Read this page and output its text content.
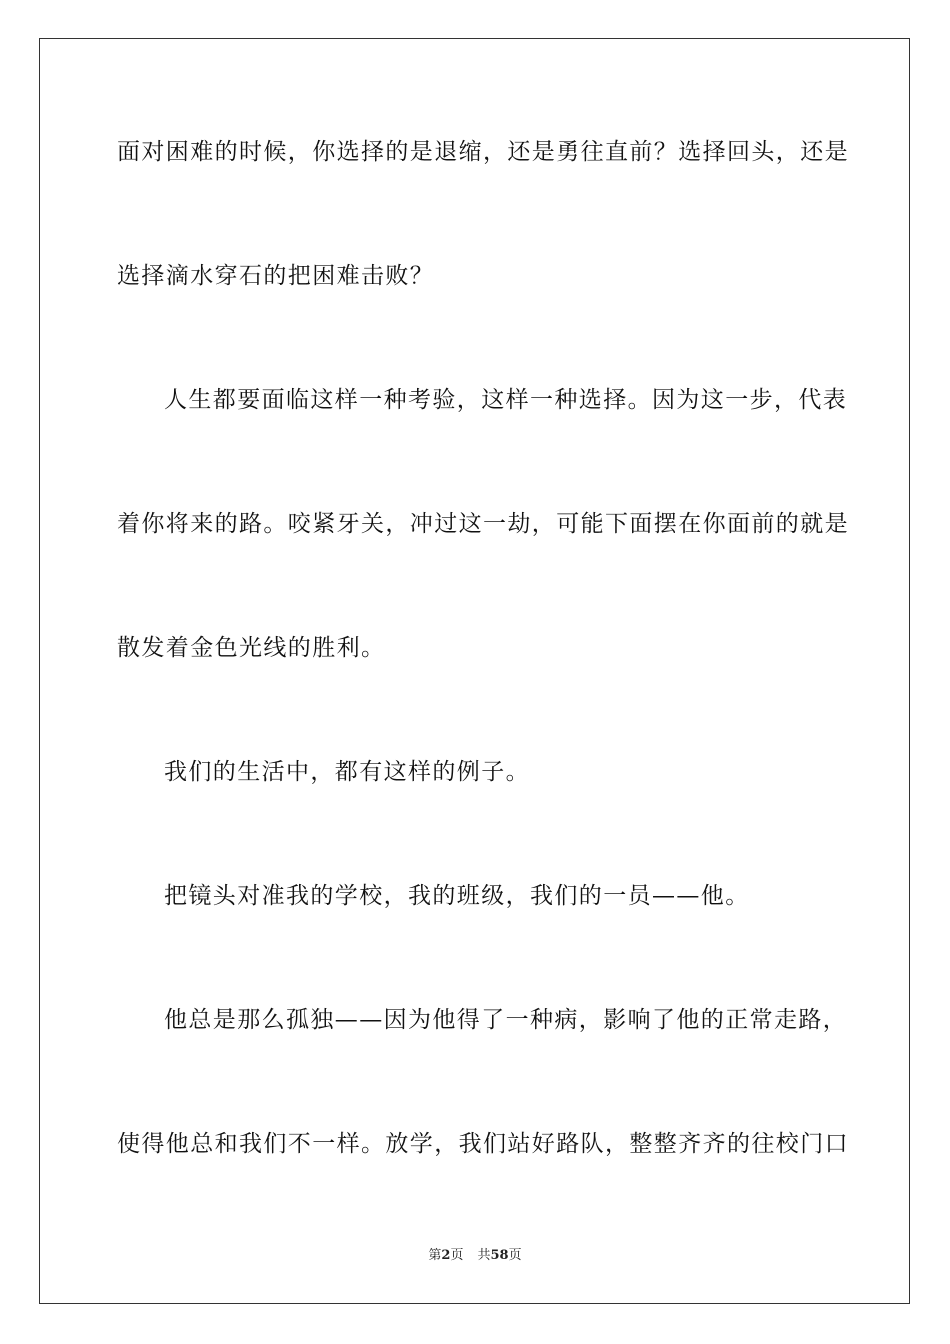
面对困难的时候，你选择的是退缩，还是勇往直前？选择回头，还是
选择滴水穿石的把困难击败？
人生都要面临这样一种考验，这样一种选择。因为这一步，代表
着你将来的路。咬紧牙关，冲过这一劫，可能下面摆在你面前的就是
散发着金色光线的胜利。
我们的生活中，都有这样的例子。
把镜头对准我的学校，我的班级，我们的一员——他。
他总是那么孤独——因为他得了一种病，影响了他的正常走路，
使得他总和我们不一样。放学，我们站好路队，整整齐齐的往校门口
第2页 共58页
